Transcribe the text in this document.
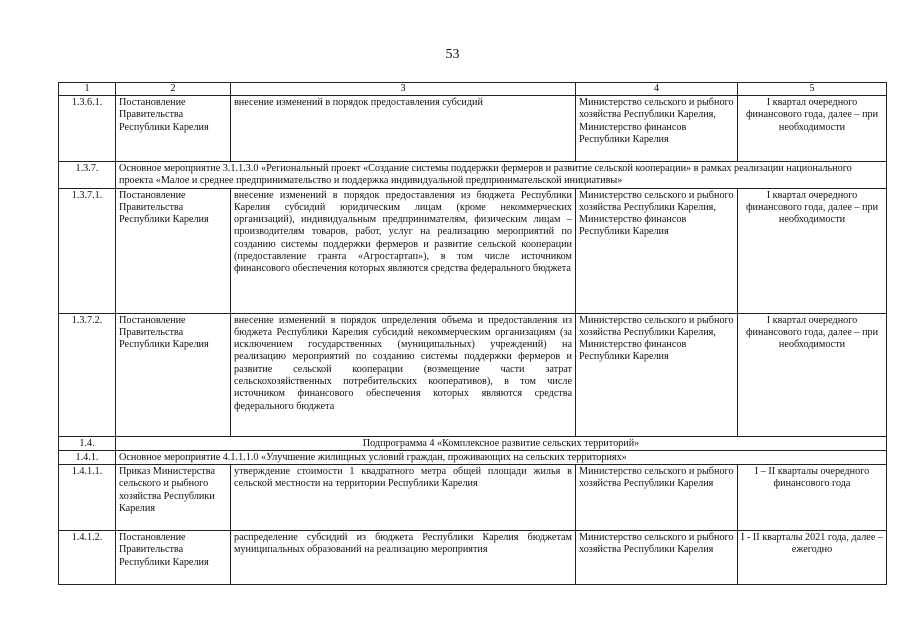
53
1	2	3	4	5
1.3.6.1.	Постановление Правительства Республики Карелия	внесение изменений в порядок предоставления субсидий	Министерство сельского и рыбного хозяйства Республики Карелия, Министерство финансов Республики Карелия	I квартал очередного финансового года, далее – при необходимости
1.3.7.	Основное мероприятие 3.1.1.3.0 «Региональный проект «Создание системы поддержки фермеров и развитие сельской кооперации» в рамках реализации национального проекта «Малое и среднее предпринимательство и поддержка индивидуальной предпринимательской инициативы»			
1.3.7.1.	Постановление Правительства Республики Карелия	внесение изменений в порядок предоставления из бюджета Республики Карелия субсидий юридическим лицам (кроме некоммерческих организаций), индивидуальным предпринимателям, физическим лицам – производителям товаров, работ, услуг на реализацию мероприятий по созданию системы поддержки фермеров и развитие сельской кооперации (предоставление гранта «Агростартап»), в том числе источником финансового обеспечения которых являются средства федерального бюджета	Министерство сельского и рыбного хозяйства Республики Карелия, Министерство финансов Республики Карелия	I квартал очередного финансового года, далее – при необходимости
1.3.7.2.	Постановление Правительства Республики Карелия	внесение изменений в порядок определения объема и предоставления из бюджета Республики Карелия субсидий некоммерческим организациям (за исключением государственных (муниципальных) учреждений) на реализацию мероприятий по созданию системы поддержки фермеров и развитие сельской кооперации (возмещение части затрат сельскохозяйственных потребительских кооперативов), в том числе источником финансового обеспечения которых являются средства федерального бюджета	Министерство сельского и рыбного хозяйства Республики Карелия, Министерство финансов Республики Карелия	I квартал очередного финансового года, далее – при необходимости
1.4.	Подпрограмма 4 «Комплексное развитие сельских территорий»			
1.4.1.	Основное мероприятие 4.1.1.1.0 «Улучшение жилищных условий граждан, проживающих на сельских территориях»			
1.4.1.1.	Приказ Министерства сельского и рыбного хозяйства Республики Карелия	утверждение стоимости 1 квадратного метра общей площади жилья в сельской местности на территории Республики Карелия	Министерство сельского и рыбного хозяйства Республики Карелия	I – II кварталы очередного финансового года
1.4.1.2.	Постановление Правительства Республики Карелия	распределение субсидий из бюджета Республики Карелия бюджетам муниципальных образований на реализацию мероприятия	Министерство сельского и рыбного хозяйства Республики Карелия	I - II кварталы 2021 года, далее – ежегодно
